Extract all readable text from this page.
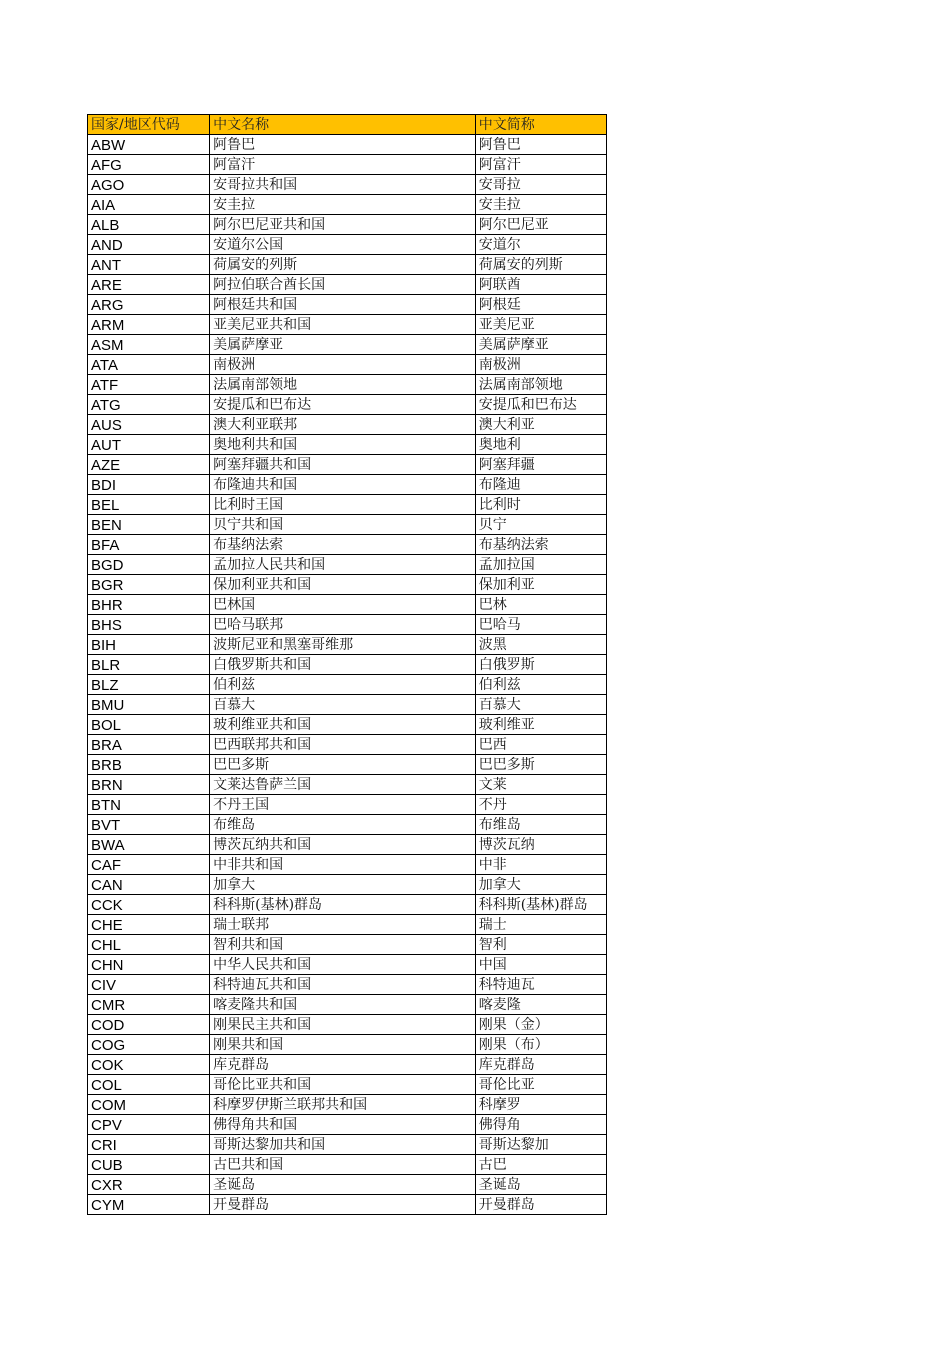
国家/地区代码	中文名称	中文简称
ABW	阿鲁巴	阿鲁巴
AFG	阿富汗	阿富汗
AGO	安哥拉共和国	安哥拉
AIA	安圭拉	安圭拉
ALB	阿尔巴尼亚共和国	阿尔巴尼亚
AND	安道尔公国	安道尔
ANT	荷属安的列斯	荷属安的列斯
ARE	阿拉伯联合酋长国	阿联酋
ARG	阿根廷共和国	阿根廷
ARM	亚美尼亚共和国	亚美尼亚
ASM	美属萨摩亚	美属萨摩亚
ATA	南极洲	南极洲
ATF	法属南部领地	法属南部领地
ATG	安提瓜和巴布达	安提瓜和巴布达
AUS	澳大利亚联邦	澳大利亚
AUT	奥地利共和国	奥地利
AZE	阿塞拜疆共和国	阿塞拜疆
BDI	布隆迪共和国	布隆迪
BEL	比利时王国	比利时
BEN	贝宁共和国	贝宁
BFA	布基纳法索	布基纳法索
BGD	孟加拉人民共和国	孟加拉国
BGR	保加利亚共和国	保加利亚
BHR	巴林国	巴林
BHS	巴哈马联邦	巴哈马
BIH	波斯尼亚和黑塞哥维那	波黑
BLR	白俄罗斯共和国	白俄罗斯
BLZ	伯利兹	伯利兹
BMU	百慕大	百慕大
BOL	玻利维亚共和国	玻利维亚
BRA	巴西联邦共和国	巴西
BRB	巴巴多斯	巴巴多斯
BRN	文莱达鲁萨兰国	文莱
BTN	不丹王国	不丹
BVT	布维岛	布维岛
BWA	博茨瓦纳共和国	博茨瓦纳
CAF	中非共和国	中非
CAN	加拿大	加拿大
CCK	科科斯(基林)群岛	科科斯(基林)群岛
CHE	瑞士联邦	瑞士
CHL	智利共和国	智利
CHN	中华人民共和国	中国
CIV	科特迪瓦共和国	科特迪瓦
CMR	喀麦隆共和国	喀麦隆
COD	刚果民主共和国	刚果（金）
COG	刚果共和国	刚果（布）
COK	库克群岛	库克群岛
COL	哥伦比亚共和国	哥伦比亚
COM	科摩罗伊斯兰联邦共和国	科摩罗
CPV	佛得角共和国	佛得角
CRI	哥斯达黎加共和国	哥斯达黎加
CUB	古巴共和国	古巴
CXR	圣诞岛	圣诞岛
CYM	开曼群岛	开曼群岛
